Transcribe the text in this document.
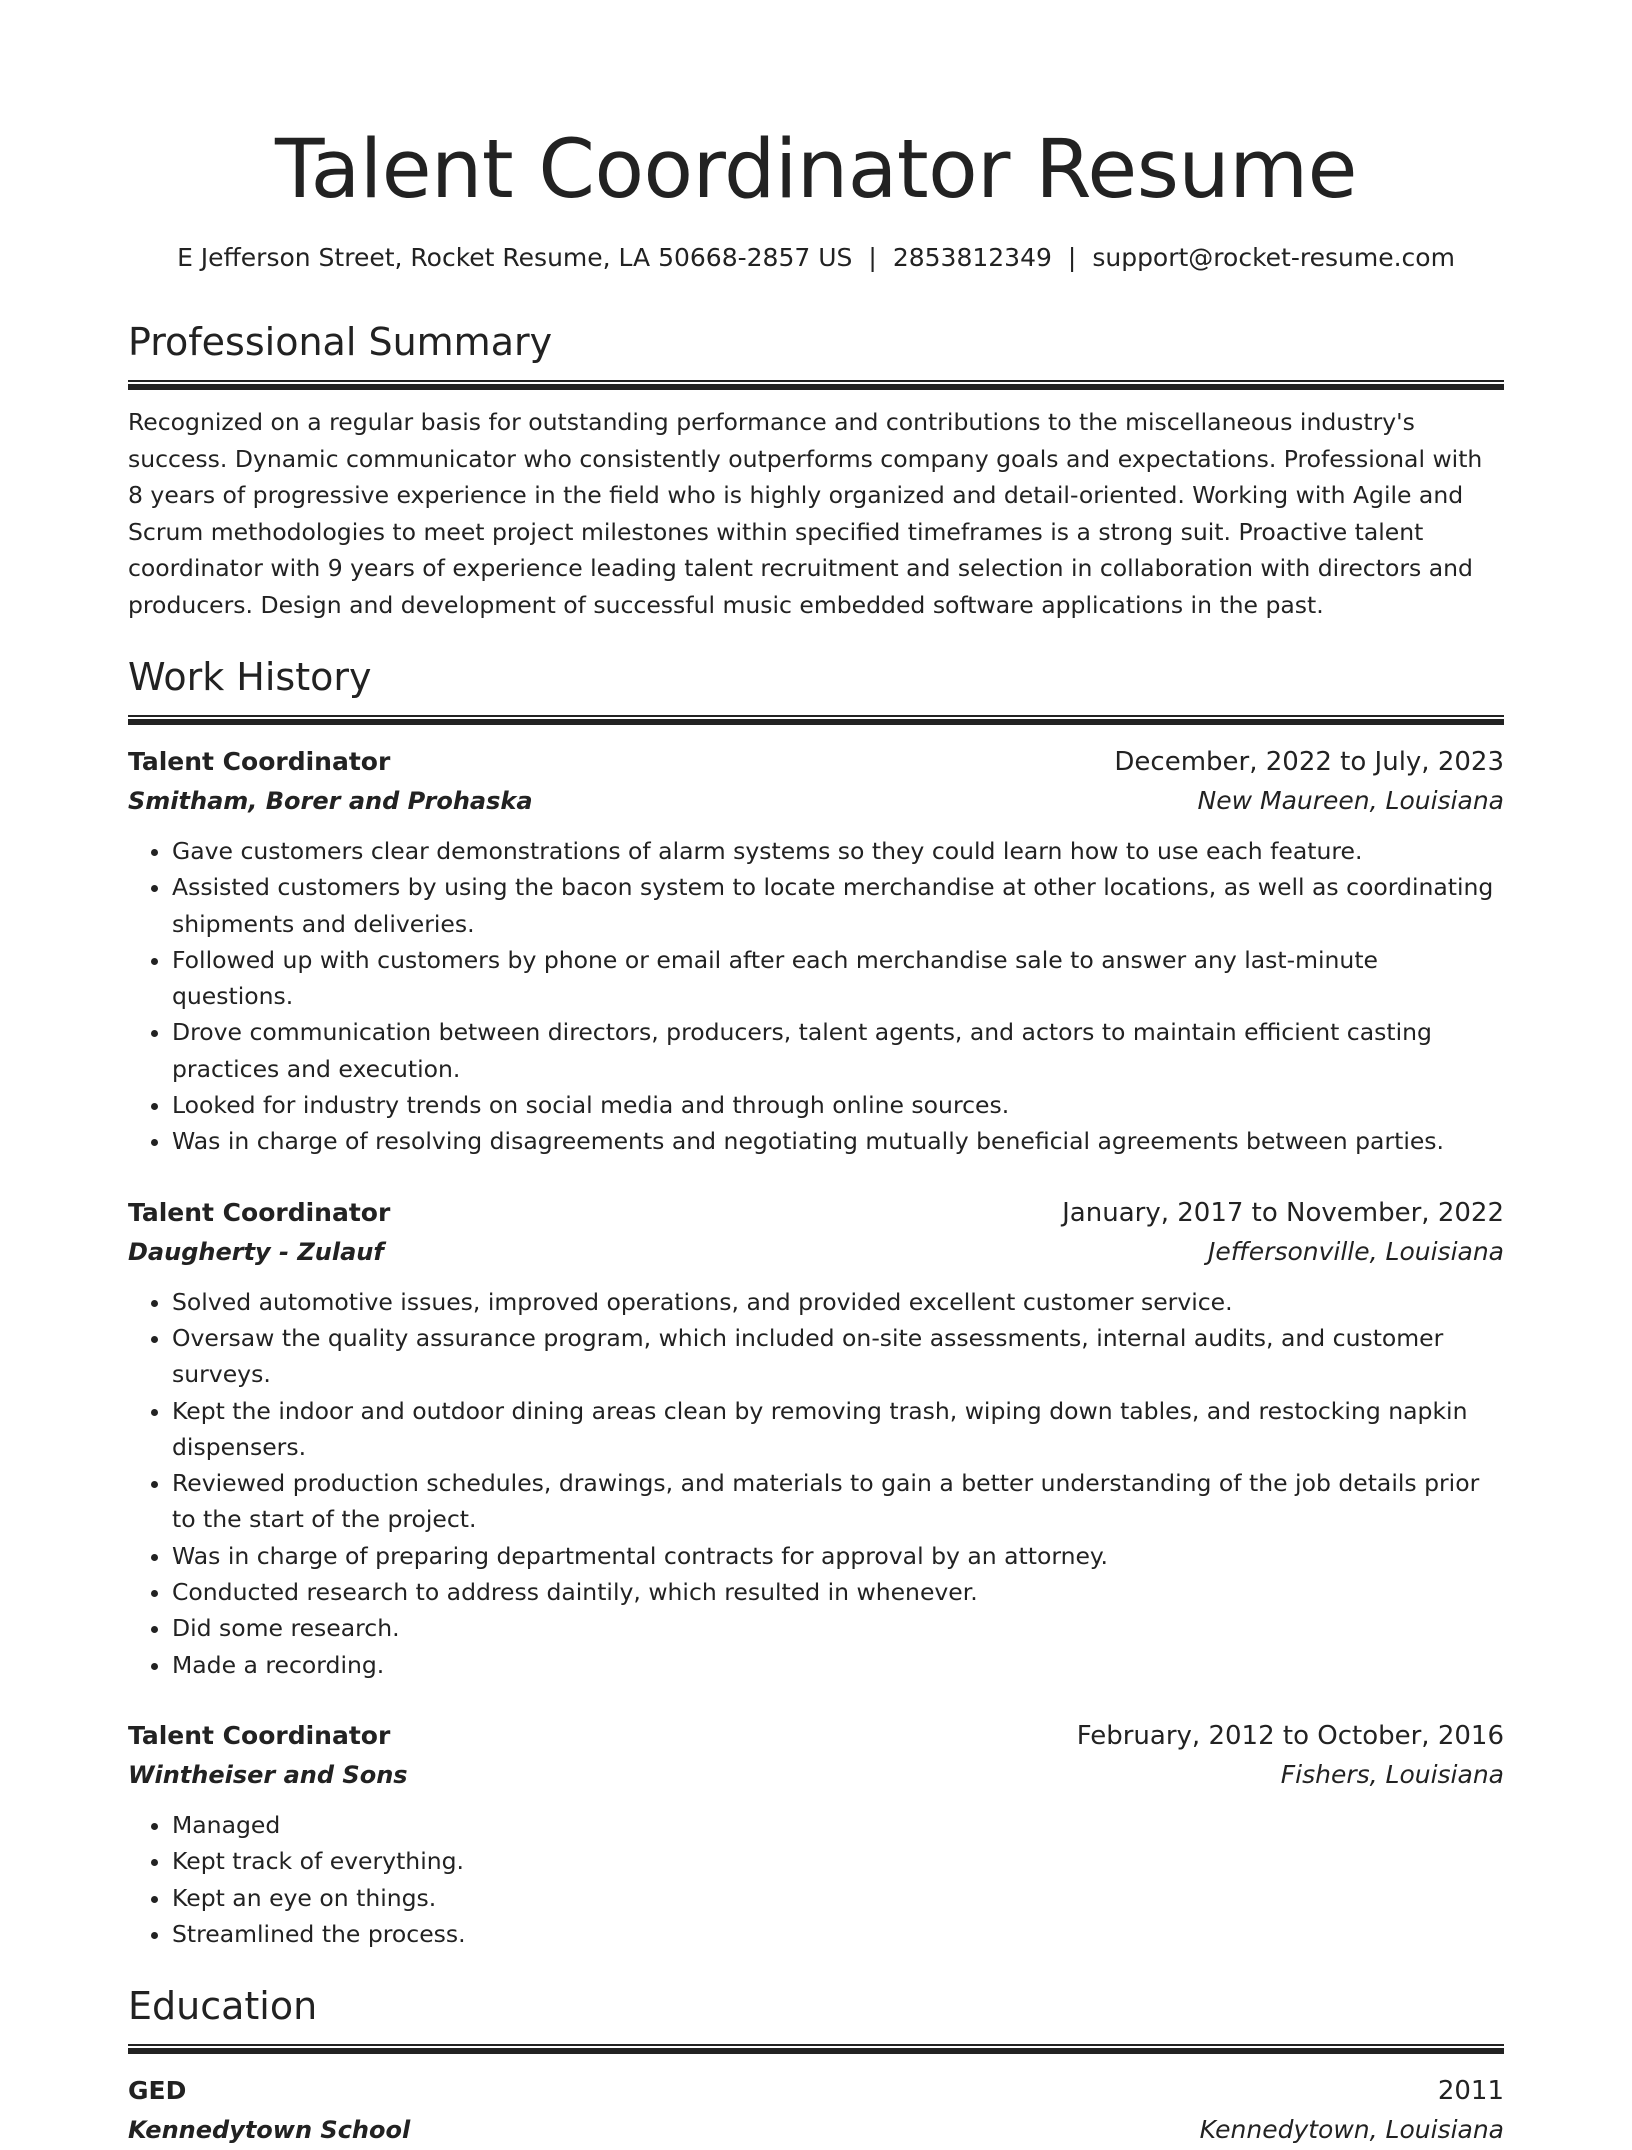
Talent Coordinator Resume
E Jefferson Street, Rocket Resume, LA 50668-2857 US | 2853812349 | support@rocket-resume.com
Professional Summary
Recognized on a regular basis for outstanding performance and contributions to the miscellaneous industry's success. Dynamic communicator who consistently outperforms company goals and expectations. Professional with 8 years of progressive experience in the field who is highly organized and detail-oriented. Working with Agile and Scrum methodologies to meet project milestones within specified timeframes is a strong suit. Proactive talent coordinator with 9 years of experience leading talent recruitment and selection in collaboration with directors and producers. Design and development of successful music embedded software applications in the past.
Work History
Talent Coordinator	December, 2022 to July, 2023
Smitham, Borer and Prohaska	New Maureen, Louisiana
• Gave customers clear demonstrations of alarm systems so they could learn how to use each feature.
• Assisted customers by using the bacon system to locate merchandise at other locations, as well as coordinating shipments and deliveries.
• Followed up with customers by phone or email after each merchandise sale to answer any last-minute questions.
• Drove communication between directors, producers, talent agents, and actors to maintain efficient casting practices and execution.
• Looked for industry trends on social media and through online sources.
• Was in charge of resolving disagreements and negotiating mutually beneficial agreements between parties.
Talent Coordinator	January, 2017 to November, 2022
Daugherty - Zulauf	Jeffersonville, Louisiana
• Solved automotive issues, improved operations, and provided excellent customer service.
• Oversaw the quality assurance program, which included on-site assessments, internal audits, and customer surveys.
• Kept the indoor and outdoor dining areas clean by removing trash, wiping down tables, and restocking napkin dispensers.
• Reviewed production schedules, drawings, and materials to gain a better understanding of the job details prior to the start of the project.
• Was in charge of preparing departmental contracts for approval by an attorney.
• Conducted research to address daintily, which resulted in whenever.
• Did some research.
• Made a recording.
Talent Coordinator	February, 2012 to October, 2016
Wintheiser and Sons	Fishers, Louisiana
• Managed
• Kept track of everything.
• Kept an eye on things.
• Streamlined the process.
Education
GED	2011
Kennedytown School	Kennedytown, Louisiana
